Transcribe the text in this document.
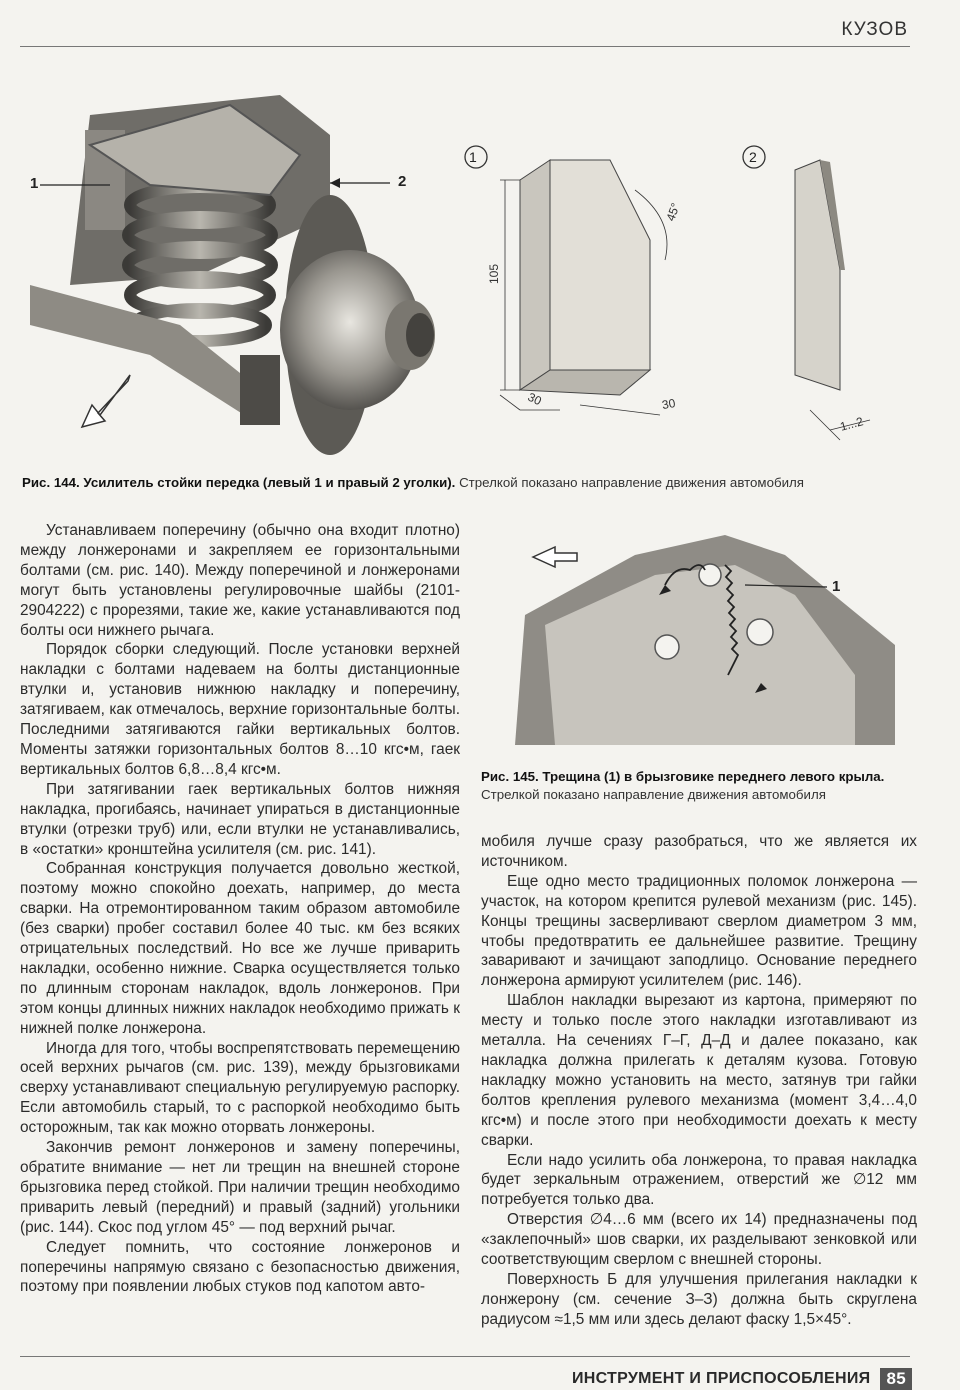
КУЗОВ
1	2
1
105
30	30
45°
2
1...2
Рис. 144. Усилитель стойки передка (левый 1 и правый 2 уголки). Стрелкой показано направление движения автомобиля

Устанавливаем поперечину (обычно она входит плотно) между лонжеронами и закрепляем ее горизонтальными болтами (см. рис. 140). Между поперечиной и лонжеронами могут быть установлены регулировочные шайбы (2101-2904222) с прорезями, такие же, какие устанавливаются под болты оси нижнего рычага.

Порядок сборки следующий. После установки верхней накладки с болтами надеваем на болты дистанционные втулки и, установив нижнюю накладку и поперечину, затягиваем, как отмечалось, верхние горизонтальные болты. Последними затягиваются гайки вертикальных болтов. Моменты затяжки горизонтальных болтов 8…10 кгс•м, гаек вертикальных болтов 6,8…8,4 кгс•м.

При затягивании гаек вертикальных болтов нижняя накладка, прогибаясь, начинает упираться в дистанционные втулки (отрезки труб) или, если втулки не устанавливались, в «остатки» кронштейна усилителя (см. рис. 141).

Собранная конструкция получается довольно жесткой, поэтому можно спокойно доехать, например, до места сварки. На отремонтированном таким образом автомобиле (без сварки) пробег составил более 40 тыс. км без всяких отрицательных последствий. Но все же лучше приварить накладки, особенно нижние. Сварка осуществляется только по длинным сторонам накладок, вдоль лонжеронов. При этом концы длинных нижних накладок необходимо прижать к нижней полке лонжерона.

Иногда для того, чтобы воспрепятствовать перемещению осей верхних рычагов (см. рис. 139), между брызговиками сверху устанавливают специальную регулируемую распорку. Если автомобиль старый, то с распоркой необходимо быть осторожным, так как можно оторвать лонжероны.

Закончив ремонт лонжеронов и замену поперечины, обратите внимание — нет ли трещин на внешней стороне брызговика перед стойкой. При наличии трещин необходимо приварить левый (передний) и правый (задний) угольники (рис. 144). Скос под углом 45° — под верхний рычаг.

Следует помнить, что состояние лонжеронов и поперечины напрямую связано с безопасностью движения, поэтому при появлении любых стуков под капотом авто-

1
Рис. 145. Трещина (1) в брызговике переднего левого крыла.
Стрелкой показано направление движения автомобиля

мобиля лучше сразу разобраться, что же является их источником.

Еще одно место традиционных поломок лонжерона — участок, на котором крепится рулевой механизм (рис. 145). Концы трещины засверливают сверлом диаметром 3 мм, чтобы предотвратить ее дальнейшее развитие. Трещину заваривают и зачищают заподлицо. Основание переднего лонжерона армируют усилителем (рис. 146).

Шаблон накладки вырезают из картона, примеряют по месту и только после этого накладки изготавливают из металла. На сечениях Г–Г, Д–Д и далее показано, как накладка должна прилегать к деталям кузова. Готовую накладку можно установить на место, затянув три гайки болтов крепления рулевого механизма (момент 3,4…4,0 кгс•м) и после этого при необходимости доехать к месту сварки.

Если надо усилить оба лонжерона, то правая накладка будет зеркальным отражением, отверстий же ∅12 мм потребуется только два.

Отверстия ∅4…6 мм (всего их 14) предназначены под «заклепочный» шов сварки, их разделывают зенковкой или соответствующим сверлом с внешней стороны.

Поверхность Б для улучшения прилегания накладки к лонжерону (см. сечение З–З) должна быть скруглена радиусом ≈1,5 мм или здесь делают фаску 1,5×45°.

ИНСТРУМЕНТ И ПРИСПОСОБЛЕНИЯ 85
